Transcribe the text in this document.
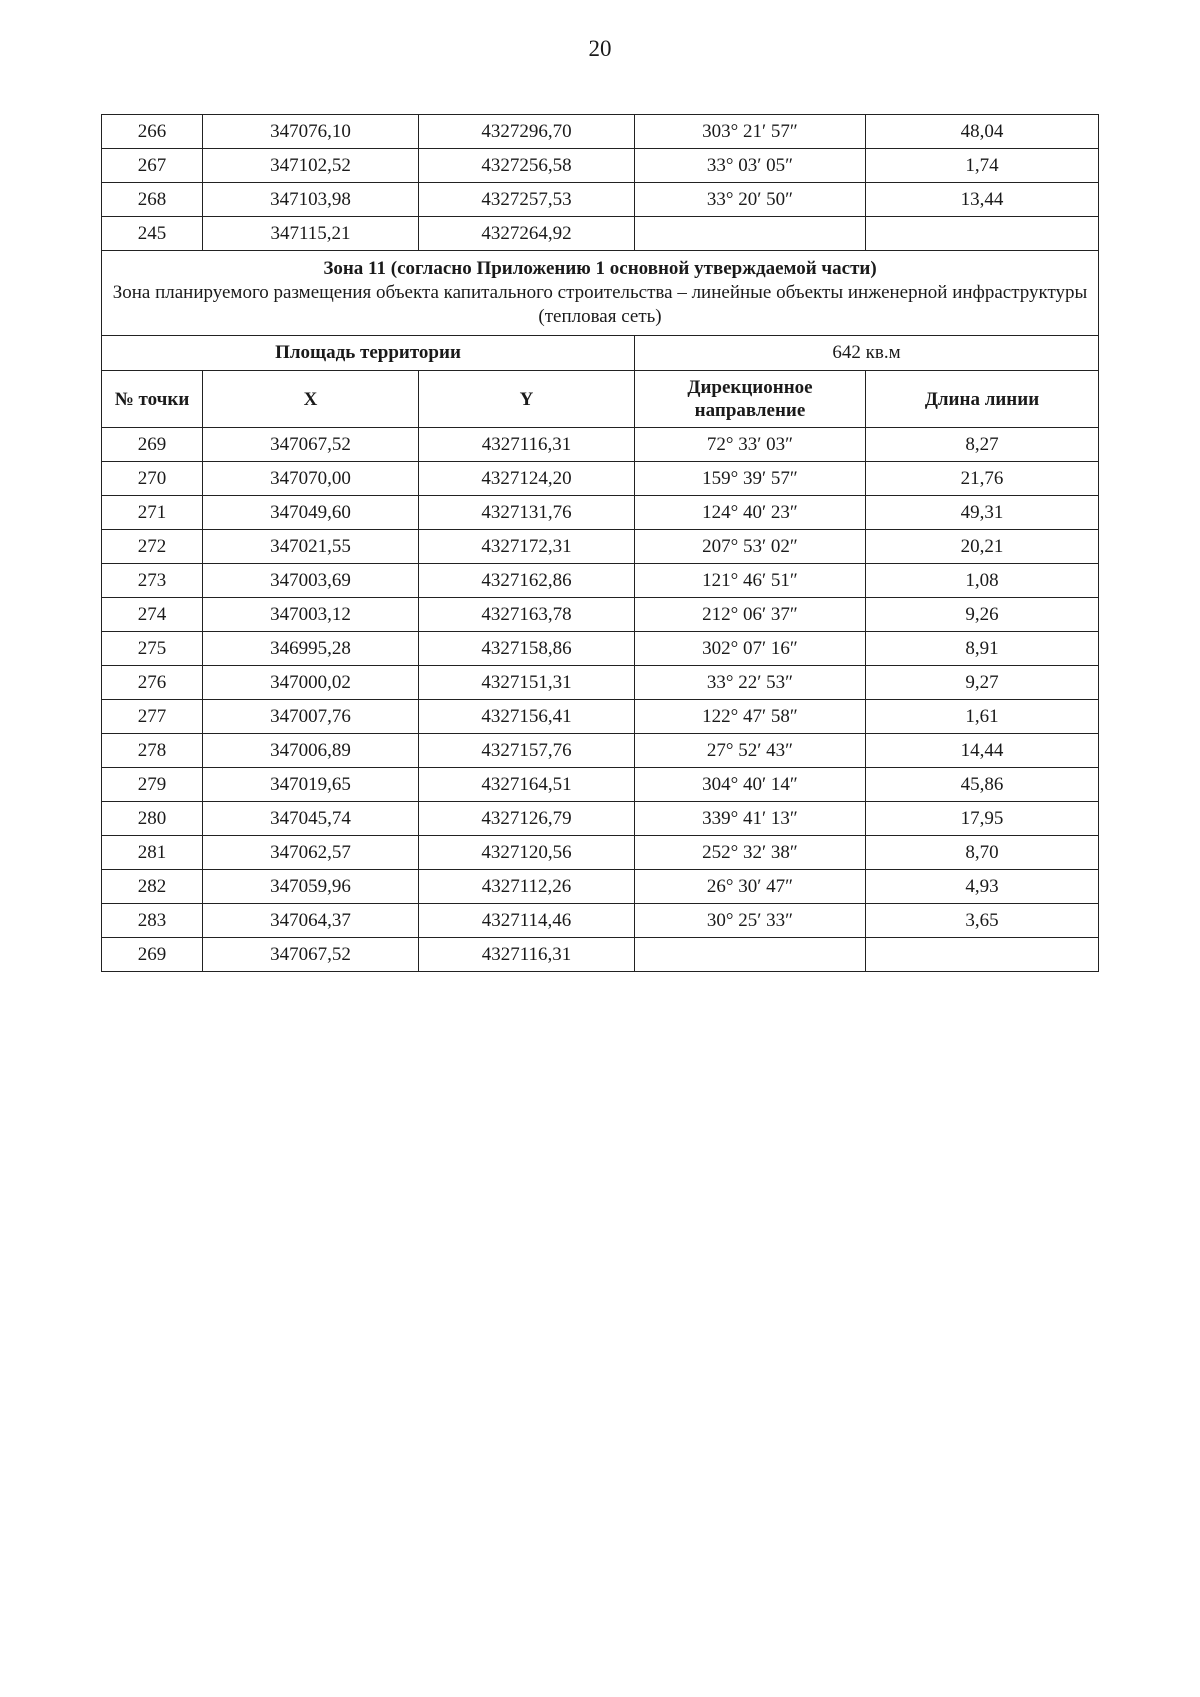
20
266	347076,10	4327296,70	303° 21′ 57″	48,04
267	347102,52	4327256,58	33° 03′ 05″	1,74
268	347103,98	4327257,53	33° 20′ 50″	13,44
245	347115,21	4327264,92		

Зона 11 (согласно Приложению 1 основной утверждаемой части)
Зона планируемого размещения объекта капитального строительства – линейные объекты инженерной инфраструктуры (тепловая сеть)				

Площадь территории			642 кв.м	
№ точки	X	Y	Дирекционное направление	Длина линии
269	347067,52	4327116,31	72° 33′ 03″	8,27
270	347070,00	4327124,20	159° 39′ 57″	21,76
271	347049,60	4327131,76	124° 40′ 23″	49,31
272	347021,55	4327172,31	207° 53′ 02″	20,21
273	347003,69	4327162,86	121° 46′ 51″	1,08
274	347003,12	4327163,78	212° 06′ 37″	9,26
275	346995,28	4327158,86	302° 07′ 16″	8,91
276	347000,02	4327151,31	33° 22′ 53″	9,27
277	347007,76	4327156,41	122° 47′ 58″	1,61
278	347006,89	4327157,76	27° 52′ 43″	14,44
279	347019,65	4327164,51	304° 40′ 14″	45,86
280	347045,74	4327126,79	339° 41′ 13″	17,95
281	347062,57	4327120,56	252° 32′ 38″	8,70
282	347059,96	4327112,26	26° 30′ 47″	4,93
283	347064,37	4327114,46	30° 25′ 33″	3,65
269	347067,52	4327116,31		
